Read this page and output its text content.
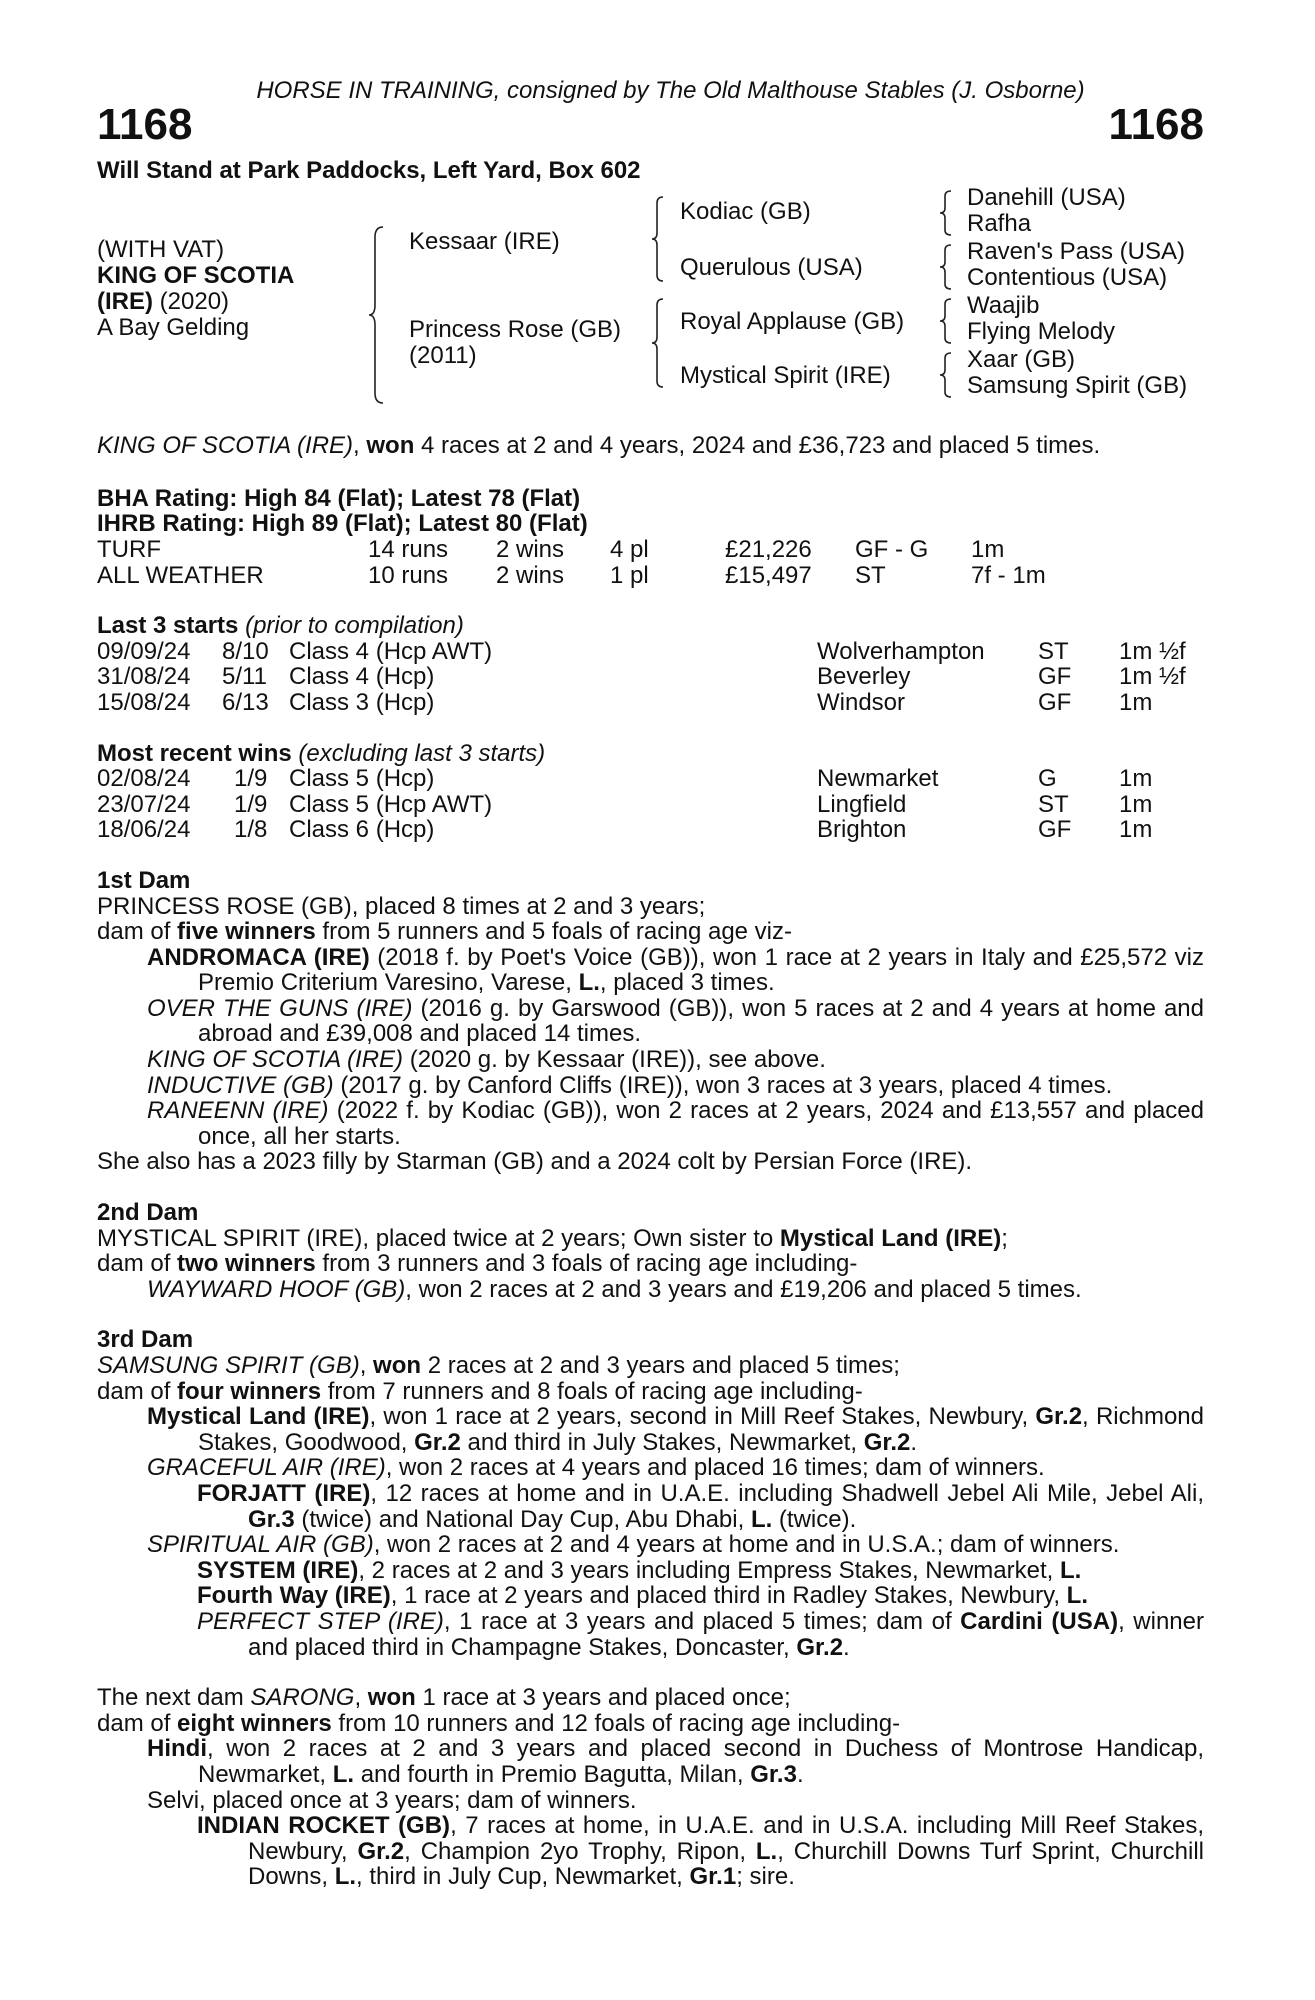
HORSE IN TRAINING, consigned by The Old Malthouse Stables (J. Osborne)
1168	1168
Will Stand at Park Paddocks, Left Yard, Box 602
(WITH VAT)
KING OF SCOTIA
(IRE) (2020)
A Bay Gelding
Kessaar (IRE)
Princess Rose (GB)
(2011)
Kodiac (GB)
Querulous (USA)
Royal Applause (GB)
Mystical Spirit (IRE)
Danehill (USA)
Rafha
Raven's Pass (USA)
Contentious (USA)
Waajib
Flying Melody
Xaar (GB)
Samsung Spirit (GB)

KING OF SCOTIA (IRE), won 4 races at 2 and 4 years, 2024 and £36,723 and placed 5 times.

BHA Rating: High 84 (Flat); Latest 78 (Flat)
IHRB Rating: High 89 (Flat); Latest 80 (Flat)
TURF	14 runs 2 wins 4 pl	£21,226 GF - G 1m
ALL WEATHER	10 runs 2 wins 1 pl	£15,497 ST	7f - 1m

Last 3 starts (prior to compilation)

09/09/24 8/10 Class 4 (Hcp AWT)	Wolverhampton ST 1m ½f
31/08/24 5/11 Class 4 (Hcp)	Beverley	GF 1m ½f
15/08/24 6/13 Class 3 (Hcp)	Windsor	GF 1m

Most recent wins (excluding last 3 starts)

02/08/24 1/9 Class 5 (Hcp)	Newmarket	G	1m
23/07/24 1/9 Class 5 (Hcp AWT)	Lingfield	ST 1m
18/06/24 1/8 Class 6 (Hcp)	Brighton	GF 1m

1st Dam

PRINCESS ROSE (GB), placed 8 times at 2 and 3 years;

dam of five winners from 5 runners and 5 foals of racing age viz-

ANDROMACA (IRE) (2018 f. by Poet's Voice (GB)), won 1 race at 2 years in Italy and £25,572 viz Premio Criterium Varesino, Varese, L., placed 3 times.

OVER THE GUNS (IRE) (2016 g. by Garswood (GB)), won 5 races at 2 and 4 years at home and abroad and £39,008 and placed 14 times.

KING OF SCOTIA (IRE) (2020 g. by Kessaar (IRE)), see above.

INDUCTIVE (GB) (2017 g. by Canford Cliffs (IRE)), won 3 races at 3 years, placed 4 times.

RANEENN (IRE) (2022 f. by Kodiac (GB)), won 2 races at 2 years, 2024 and £13,557 and placed once, all her starts.

She also has a 2023 filly by Starman (GB) and a 2024 colt by Persian Force (IRE).

2nd Dam

MYSTICAL SPIRIT (IRE), placed twice at 2 years; Own sister to Mystical Land (IRE);

dam of two winners from 3 runners and 3 foals of racing age including-

WAYWARD HOOF (GB), won 2 races at 2 and 3 years and £19,206 and placed 5 times.

3rd Dam

SAMSUNG SPIRIT (GB), won 2 races at 2 and 3 years and placed 5 times;

dam of four winners from 7 runners and 8 foals of racing age including-

Mystical Land (IRE), won 1 race at 2 years, second in Mill Reef Stakes, Newbury, Gr.2, Richmond Stakes, Goodwood, Gr.2 and third in July Stakes, Newmarket, Gr.2.

GRACEFUL AIR (IRE), won 2 races at 4 years and placed 16 times; dam of winners.

FORJATT (IRE), 12 races at home and in U.A.E. including Shadwell Jebel Ali Mile, Jebel Ali, Gr.3 (twice) and National Day Cup, Abu Dhabi, L. (twice).

SPIRITUAL AIR (GB), won 2 races at 2 and 4 years at home and in U.S.A.; dam of winners.

SYSTEM (IRE), 2 races at 2 and 3 years including Empress Stakes, Newmarket, L.

Fourth Way (IRE), 1 race at 2 years and placed third in Radley Stakes, Newbury, L.

PERFECT STEP (IRE), 1 race at 3 years and placed 5 times; dam of Cardini (USA), winner and placed third in Champagne Stakes, Doncaster, Gr.2.

The next dam SARONG, won 1 race at 3 years and placed once;

dam of eight winners from 10 runners and 12 foals of racing age including-

Hindi, won 2 races at 2 and 3 years and placed second in Duchess of Montrose Handicap, Newmarket, L. and fourth in Premio Bagutta, Milan, Gr.3.

Selvi, placed once at 3 years; dam of winners.

INDIAN ROCKET (GB), 7 races at home, in U.A.E. and in U.S.A. including Mill Reef Stakes, Newbury, Gr.2, Champion 2yo Trophy, Ripon, L., Churchill Downs Turf Sprint, Churchill Downs, L., third in July Cup, Newmarket, Gr.1; sire.
